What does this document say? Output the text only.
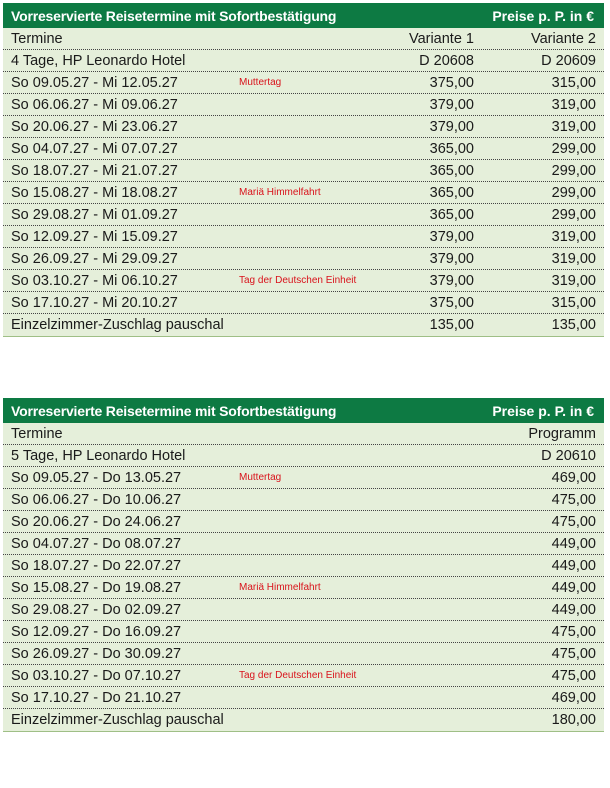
Vorreservierte Reisetermine mit Sofortbestätigung	Preise p. P. in €
Termine	Variante 1	Variante 2
4 Tage, HP Leonardo Hotel	D 20608	D 20609
So 09.05.27 - Mi 12.05.27	Muttertag	375,00	315,00
So 06.06.27 - Mi 09.06.27	379,00	319,00
So 20.06.27 - Mi 23.06.27	379,00	319,00
So 04.07.27 - Mi 07.07.27	365,00	299,00
So 18.07.27 - Mi 21.07.27	365,00	299,00
So 15.08.27 - Mi 18.08.27	Mariä Himmelfahrt	365,00	299,00
So 29.08.27 - Mi 01.09.27	365,00	299,00
So 12.09.27 - Mi 15.09.27	379,00	319,00
So 26.09.27 - Mi 29.09.27	379,00	319,00
So 03.10.27 - Mi 06.10.27	Tag der Deutschen Einheit	379,00	319,00
So 17.10.27 - Mi 20.10.27	375,00	315,00
Einzelzimmer-Zuschlag pauschal	135,00	135,00
Vorreservierte Reisetermine mit Sofortbestätigung	Preise p. P. in €
Termine	Programm
5 Tage, HP Leonardo Hotel	D 20610
So 09.05.27 - Do 13.05.27	Muttertag	469,00
So 06.06.27 - Do 10.06.27	475,00
So 20.06.27 - Do 24.06.27	475,00
So 04.07.27 - Do 08.07.27	449,00
So 18.07.27 - Do 22.07.27	449,00
So 15.08.27 - Do 19.08.27	Mariä Himmelfahrt	449,00
So 29.08.27 - Do 02.09.27	449,00
So 12.09.27 - Do 16.09.27	475,00
So 26.09.27 - Do 30.09.27	475,00
So 03.10.27 - Do 07.10.27	Tag der Deutschen Einheit	475,00
So 17.10.27 - Do 21.10.27	469,00
Einzelzimmer-Zuschlag pauschal	180,00
